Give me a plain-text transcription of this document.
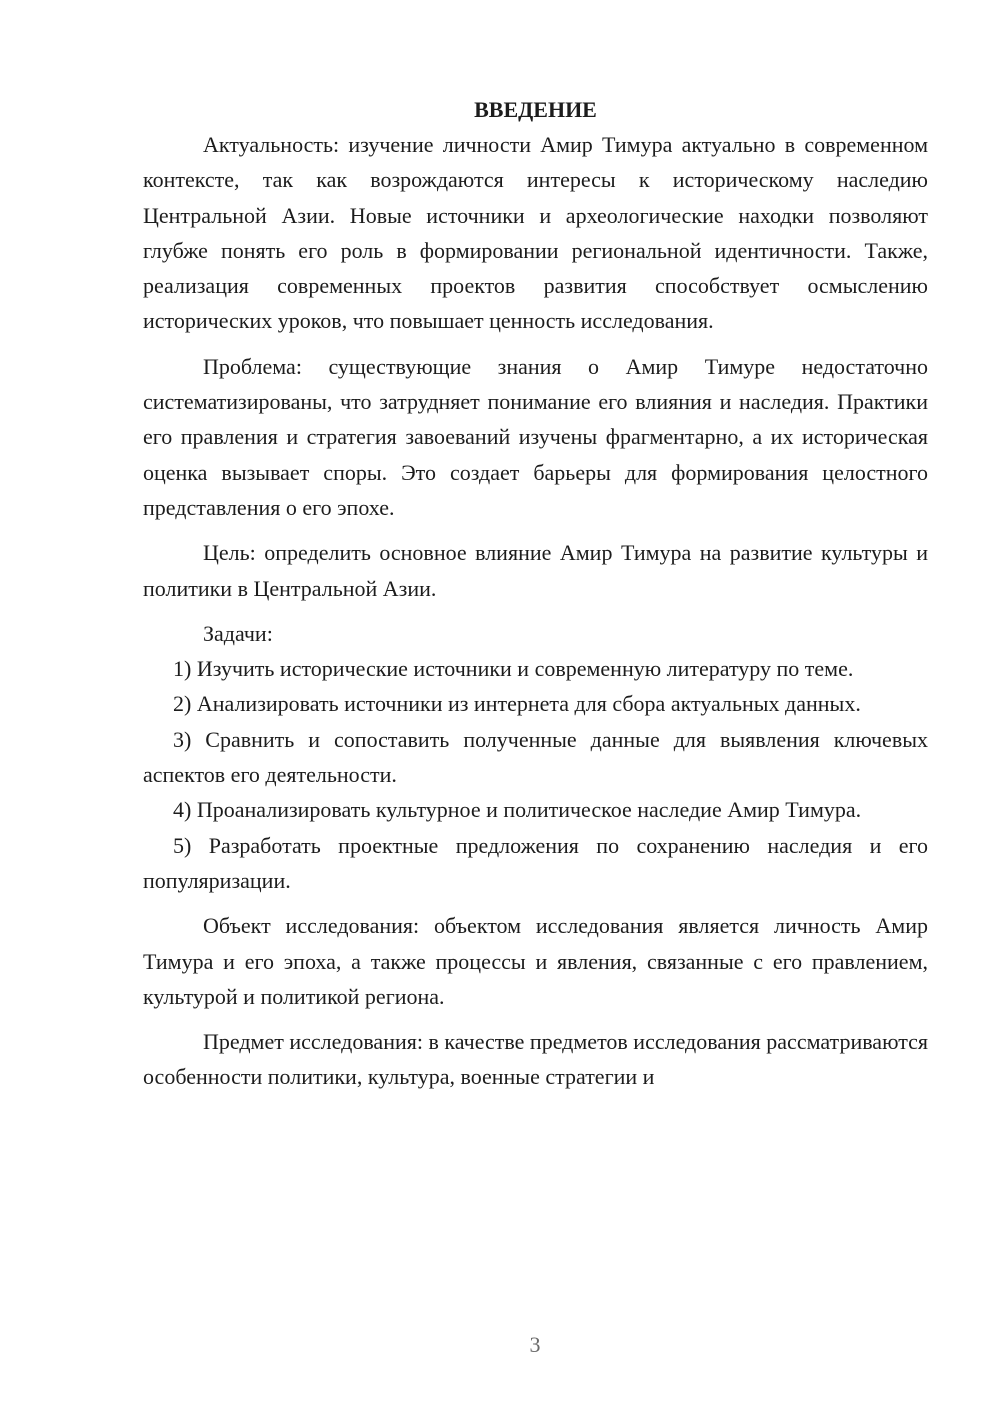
ВВЕДЕНИЕ

Актуальность: изучение личности Амир Тимура актуально в современном контексте, так как возрождаются интересы к историческому наследию Центральной Азии. Новые источники и археологические находки позволяют глубже понять его роль в формировании региональной идентичности. Также, реализация современных проектов развития способствует осмыслению исторических уроков, что повышает ценность исследования.

Проблема: существующие знания о Амир Тимуре недостаточно систематизированы, что затрудняет понимание его влияния и наследия. Практики его правления и стратегия завоеваний изучены фрагментарно, а их историческая оценка вызывает споры. Это создает барьеры для формирования целостного представления о его эпохе.

Цель: определить основное влияние Амир Тимура на развитие культуры и политики в Центральной Азии.

Задачи:

1) Изучить исторические источники и современную литературу по теме.

2) Анализировать источники из интернета для сбора актуальных данных.

3) Сравнить и сопоставить полученные данные для выявления ключевых аспектов его деятельности.

4) Проанализировать культурное и политическое наследие Амир Тимура.

5) Разработать проектные предложения по сохранению наследия и его популяризации.

Объект исследования: объектом исследования является личность Амир Тимура и его эпоха, а также процессы и явления, связанные с его правлением, культурой и политикой региона.

Предмет исследования: в качестве предметов исследования рассматриваются особенности политики, культура, военные стратегии и

3
